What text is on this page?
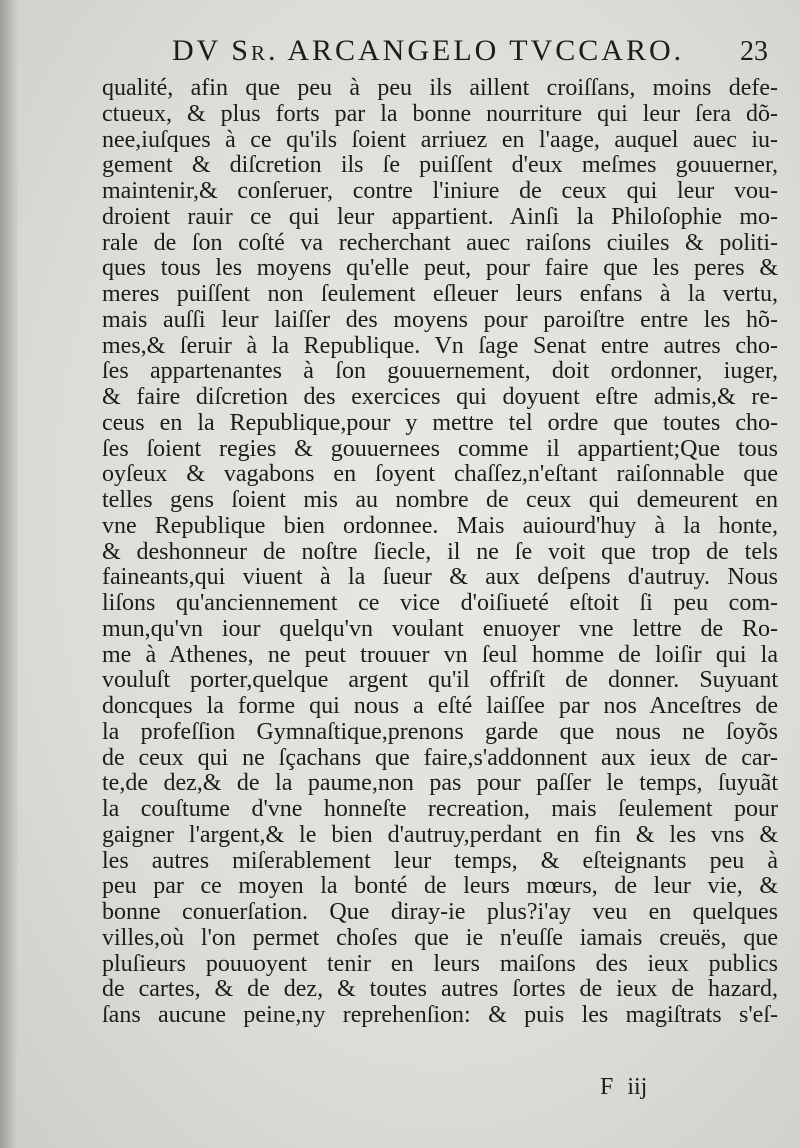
DV Sr. ARCANGELO TVCCARO. 23
qualité, afin que peu à peu ils aillent croiſſans, moins defe-
ctueux, & plus forts par la bonne nourriture qui leur ſera dõ-
nee,iuſques à ce qu'ils ſoient arriuez en l'aage, auquel auec iu-
gement & diſcretion ils ſe puiſſent d'eux meſmes gouuerner,
maintenir,& conſeruer, contre l'iniure de ceux qui leur vou-
droient rauir ce qui leur appartient. Ainſi la Philoſophie mo-
rale de ſon coſté va recherchant auec raiſons ciuiles & politi-
ques tous les moyens qu'elle peut, pour faire que les peres &
meres puiſſent non ſeulement eſleuer leurs enfans à la vertu,
mais auſſi leur laiſſer des moyens pour paroiſtre entre les hõ-
mes,& ſeruir à la Republique. Vn ſage Senat entre autres cho-
ſes appartenantes à ſon gouuernement, doit ordonner, iuger,
& faire diſcretion des exercices qui doyuent eſtre admis,& re-
ceus en la Republique,pour y mettre tel ordre que toutes cho-
ſes ſoient regies & gouuernees comme il appartient;Que tous
oyſeux & vagabons en ſoyent chaſſez,n'eſtant raiſonnable que
telles gens ſoient mis au nombre de ceux qui demeurent en
vne Republique bien ordonnee. Mais auiourd'huy à la honte,
& deshonneur de noſtre ſiecle, il ne ſe voit que trop de tels
faineants,qui viuent à la ſueur & aux deſpens d'autruy. Nous
liſons qu'anciennement ce vice d'oiſiueté eſtoit ſi peu com-
mun,qu'vn iour quelqu'vn voulant enuoyer vne lettre de Ro-
me à Athenes, ne peut trouuer vn ſeul homme de loiſir qui la
vouluſt porter,quelque argent qu'il offriſt de donner. Suyuant
doncques la forme qui nous a eſté laiſſee par nos Anceſtres de
la profeſſion Gymnaſtique,prenons garde que nous ne ſoyõs
de ceux qui ne ſçachans que faire,s'addonnent aux ieux de car-
te,de dez,& de la paume,non pas pour paſſer le temps, ſuyuãt
la couſtume d'vne honneſte recreation, mais ſeulement pour
gaigner l'argent,& le bien d'autruy,perdant en fin & les vns &
les autres miſerablement leur temps, & eſteignants peu à
peu par ce moyen la bonté de leurs mœurs, de leur vie, &
bonne conuerſation. Que diray-ie plus?i'ay veu en quelques
villes,où l'on permet choſes que ie n'euſſe iamais creuës, que
pluſieurs pouuoyent tenir en leurs maiſons des ieux publics
de cartes, & de dez, & toutes autres ſortes de ieux de hazard,
ſans aucune peine,ny reprehenſion: & puis les magiſtrats s'eſ-
F iij
